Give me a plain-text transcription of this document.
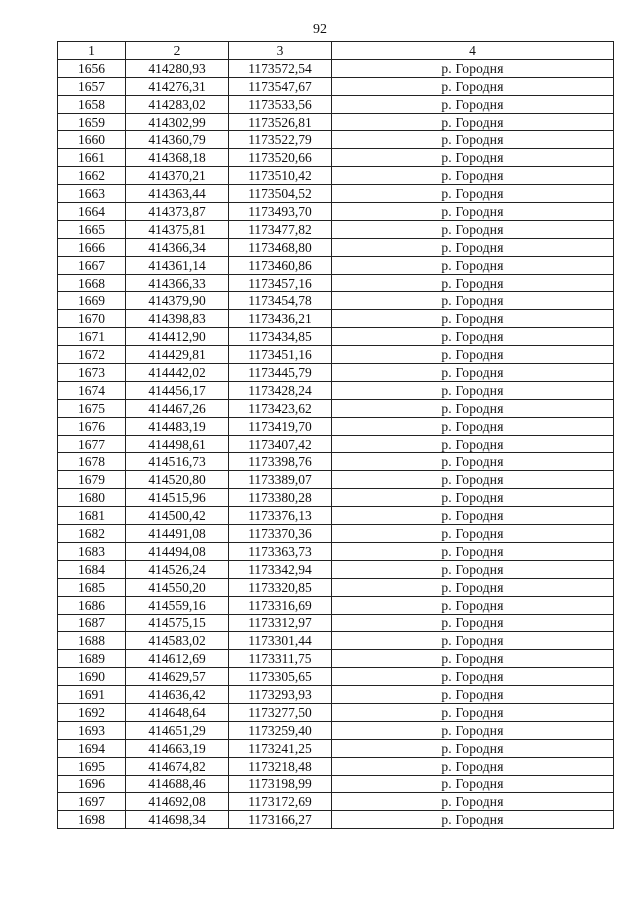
92
1	2	3	4
1656	414280,93	1173572,54	р. Городня
1657	414276,31	1173547,67	р. Городня
1658	414283,02	1173533,56	р. Городня
1659	414302,99	1173526,81	р. Городня
1660	414360,79	1173522,79	р. Городня
1661	414368,18	1173520,66	р. Городня
1662	414370,21	1173510,42	р. Городня
1663	414363,44	1173504,52	р. Городня
1664	414373,87	1173493,70	р. Городня
1665	414375,81	1173477,82	р. Городня
1666	414366,34	1173468,80	р. Городня
1667	414361,14	1173460,86	р. Городня
1668	414366,33	1173457,16	р. Городня
1669	414379,90	1173454,78	р. Городня
1670	414398,83	1173436,21	р. Городня
1671	414412,90	1173434,85	р. Городня
1672	414429,81	1173451,16	р. Городня
1673	414442,02	1173445,79	р. Городня
1674	414456,17	1173428,24	р. Городня
1675	414467,26	1173423,62	р. Городня
1676	414483,19	1173419,70	р. Городня
1677	414498,61	1173407,42	р. Городня
1678	414516,73	1173398,76	р. Городня
1679	414520,80	1173389,07	р. Городня
1680	414515,96	1173380,28	р. Городня
1681	414500,42	1173376,13	р. Городня
1682	414491,08	1173370,36	р. Городня
1683	414494,08	1173363,73	р. Городня
1684	414526,24	1173342,94	р. Городня
1685	414550,20	1173320,85	р. Городня
1686	414559,16	1173316,69	р. Городня
1687	414575,15	1173312,97	р. Городня
1688	414583,02	1173301,44	р. Городня
1689	414612,69	1173311,75	р. Городня
1690	414629,57	1173305,65	р. Городня
1691	414636,42	1173293,93	р. Городня
1692	414648,64	1173277,50	р. Городня
1693	414651,29	1173259,40	р. Городня
1694	414663,19	1173241,25	р. Городня
1695	414674,82	1173218,48	р. Городня
1696	414688,46	1173198,99	р. Городня
1697	414692,08	1173172,69	р. Городня
1698	414698,34	1173166,27	р. Городня
